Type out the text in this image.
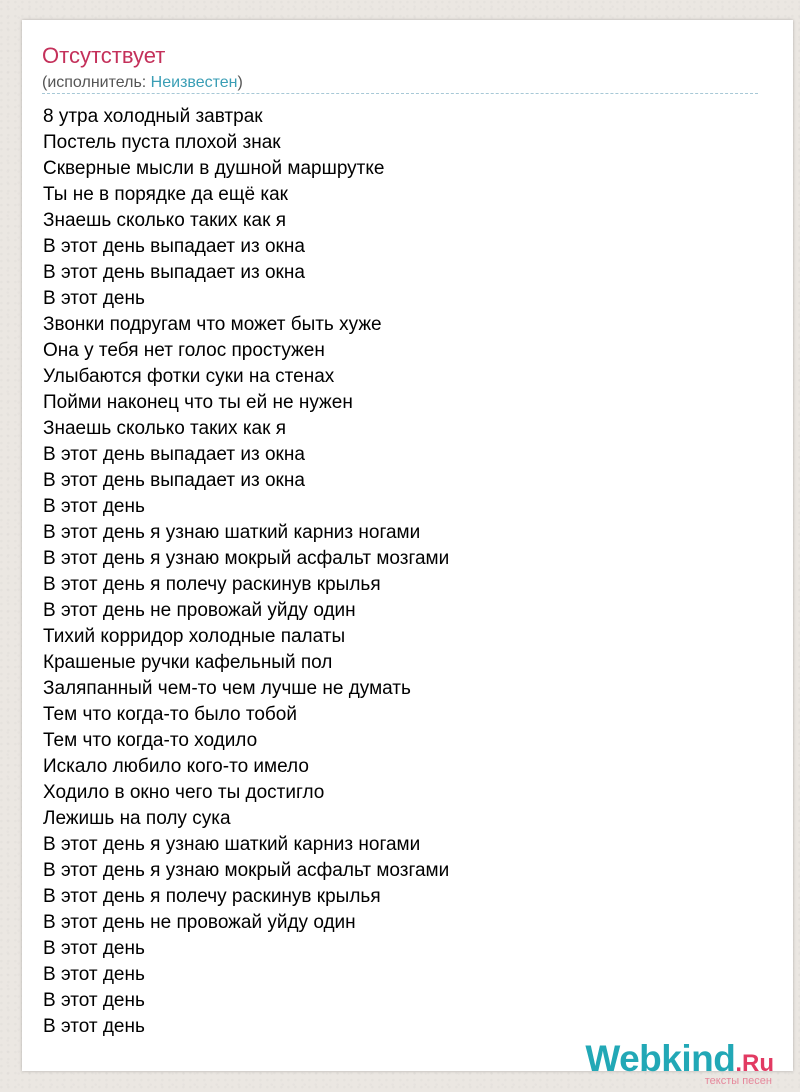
Отсутствует
(исполнитель: Неизвестен)
8 утра холодный завтрак
Постель пуста плохой знак
Скверные мысли в душной маршрутке
Ты не в порядке да ещё как
Знаешь сколько таких как я
В этот день выпадает из окна
В этот день выпадает из окна
В этот день
Звонки подругам что может быть хуже
Она у тебя нет голос простужен
Улыбаются фотки суки на стенах
Пойми наконец что ты ей не нужен
Знаешь сколько таких как я
В этот день выпадает из окна
В этот день выпадает из окна
В этот день
В этот день я узнаю шаткий карниз ногами
В этот день я узнаю мокрый асфальт мозгами
В этот день я полечу раскинув крылья
В этот день не провожай уйду один
Тихий корридор холодные палаты
Крашеные ручки кафельный пол
Заляпанный чем-то чем лучше не думать
Тем что когда-то было тобой
Тем что когда-то ходило
Искало любило кого-то имело
Ходило в окно чего ты достигло
Лежишь на полу сука
В этот день я узнаю шаткий карниз ногами
В этот день я узнаю мокрый асфальт мозгами
В этот день я полечу раскинув крылья
В этот день не провожай уйду один
В этот день
В этот день
В этот день
В этот день
Webkind.Ru
тексты песен
